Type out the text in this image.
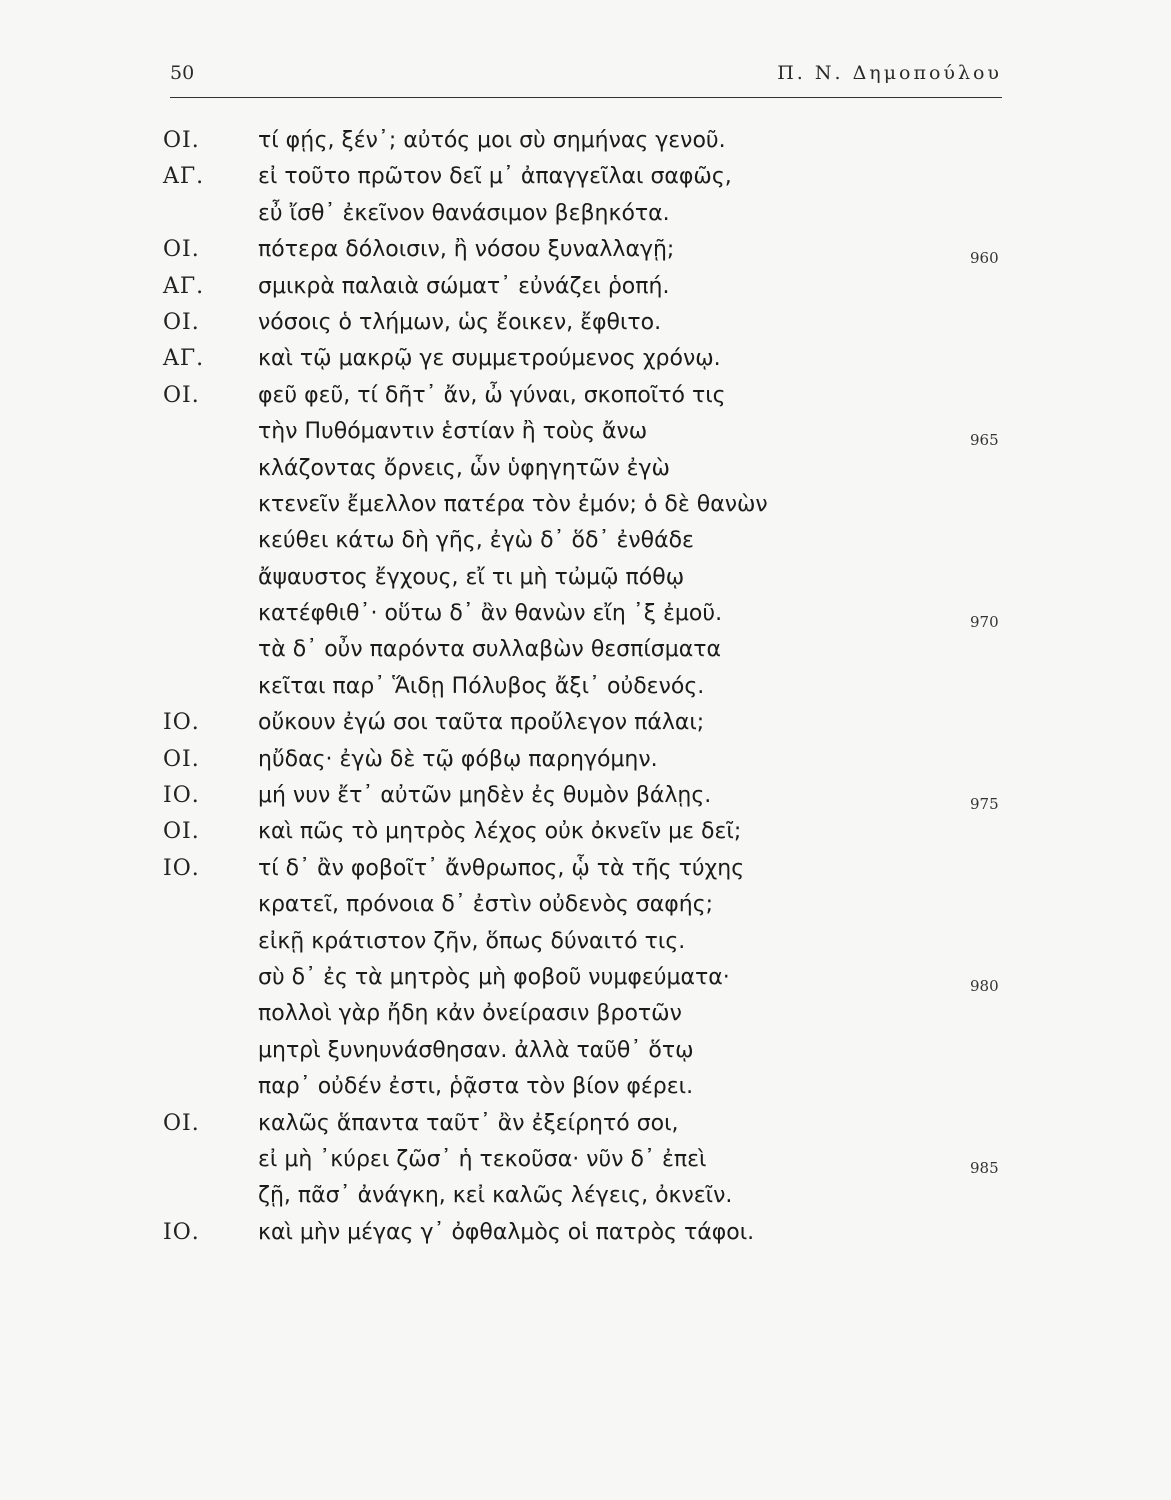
50	Π. Ν. Δημοπούλου
ΟΙ.	τί φῄς, ξέν᾽; αὐτός μοι σὺ σημήνας γενοῦ.
ΑΓ. εἰ τοῦτο πρῶτον δεῖ μ᾽ ἀπαγγεῖλαι σαφῶς,
εὖ ἴσθ᾽ ἐκεῖνον θανάσιμον βεβηκότα.
ΟΙ.	πότερα δόλοισιν, ἢ νόσου ξυναλλαγῇ;	960
ΑΓ. σμικρὰ παλαιὰ σώματ᾽ εὐνάζει ῥοπή.
ΟΙ.	νόσοις ὁ τλήμων, ὡς ἔοικεν, ἔφθιτο.
ΑΓ. καὶ τῷ μακρῷ γε συμμετρούμενος χρόνῳ.
ΟΙ.	φεῦ φεῦ, τί δῆτ᾽ ἄν, ὦ γύναι, σκοποῖτό τις
τὴν Πυθόμαντιν ἑστίαν ἢ τοὺς ἄνω	965
κλάζοντας ὄρνεις, ὧν ὑφηγητῶν ἐγὼ
κτενεῖν ἔμελλον πατέρα τὸν ἐμόν; ὁ δὲ θανὼν
κεύθει κάτω δὴ γῆς, ἐγὼ δ᾽ ὅδ᾽ ἐνθάδε
ἄψαυστος ἔγχους, εἴ τι μὴ τὠμῷ πόθῳ
κατέφθιθ᾽· οὕτω δ᾽ ἂν θανὼν εἴη ᾽ξ ἐμοῦ.	970
τὰ δ᾽ οὖν παρόντα συλλαβὼν θεσπίσματα
κεῖται παρ᾽ Ἅιδῃ Πόλυβος ἄξι᾽ οὐδενός.
ΙΟ.	οὔκουν ἐγώ σοι ταῦτα προὔλεγον πάλαι;
ΟΙ.	ηὔδας· ἐγὼ δὲ τῷ φόβῳ παρηγόμην.
ΙΟ.	μή νυν ἔτ᾽ αὐτῶν μηδὲν ἐς θυμὸν βάλῃς.	975
ΟΙ.	καὶ πῶς τὸ μητρὸς λέχος οὐκ ὀκνεῖν με δεῖ;
ΙΟ.	τί δ᾽ ἂν φοβοῖτ᾽ ἄνθρωπος, ᾧ τὰ τῆς τύχης
κρατεῖ, πρόνοια δ᾽ ἐστὶν οὐδενὸς σαφής;
εἰκῇ κράτιστον ζῆν, ὅπως δύναιτό τις.
σὺ δ᾽ ἐς τὰ μητρὸς μὴ φοβοῦ νυμφεύματα·	980
πολλοὶ γὰρ ἤδη κἀν ὀνείρασιν βροτῶν
μητρὶ ξυνηυνάσθησαν. ἀλλὰ ταῦθ᾽ ὅτῳ
παρ᾽ οὐδέν ἐστι, ῥᾷστα τὸν βίον φέρει.
ΟΙ.	καλῶς ἅπαντα ταῦτ᾽ ἂν ἐξείρητό σοι,
εἰ μὴ ᾽κύρει ζῶσ᾽ ἡ τεκοῦσα· νῦν δ᾽ ἐπεὶ	985
ζῇ, πᾶσ᾽ ἀνάγκη, κεἰ καλῶς λέγεις, ὀκνεῖν.
ΙΟ.	καὶ μὴν μέγας γ᾽ ὀφθαλμὸς οἱ πατρὸς τάφοι.
